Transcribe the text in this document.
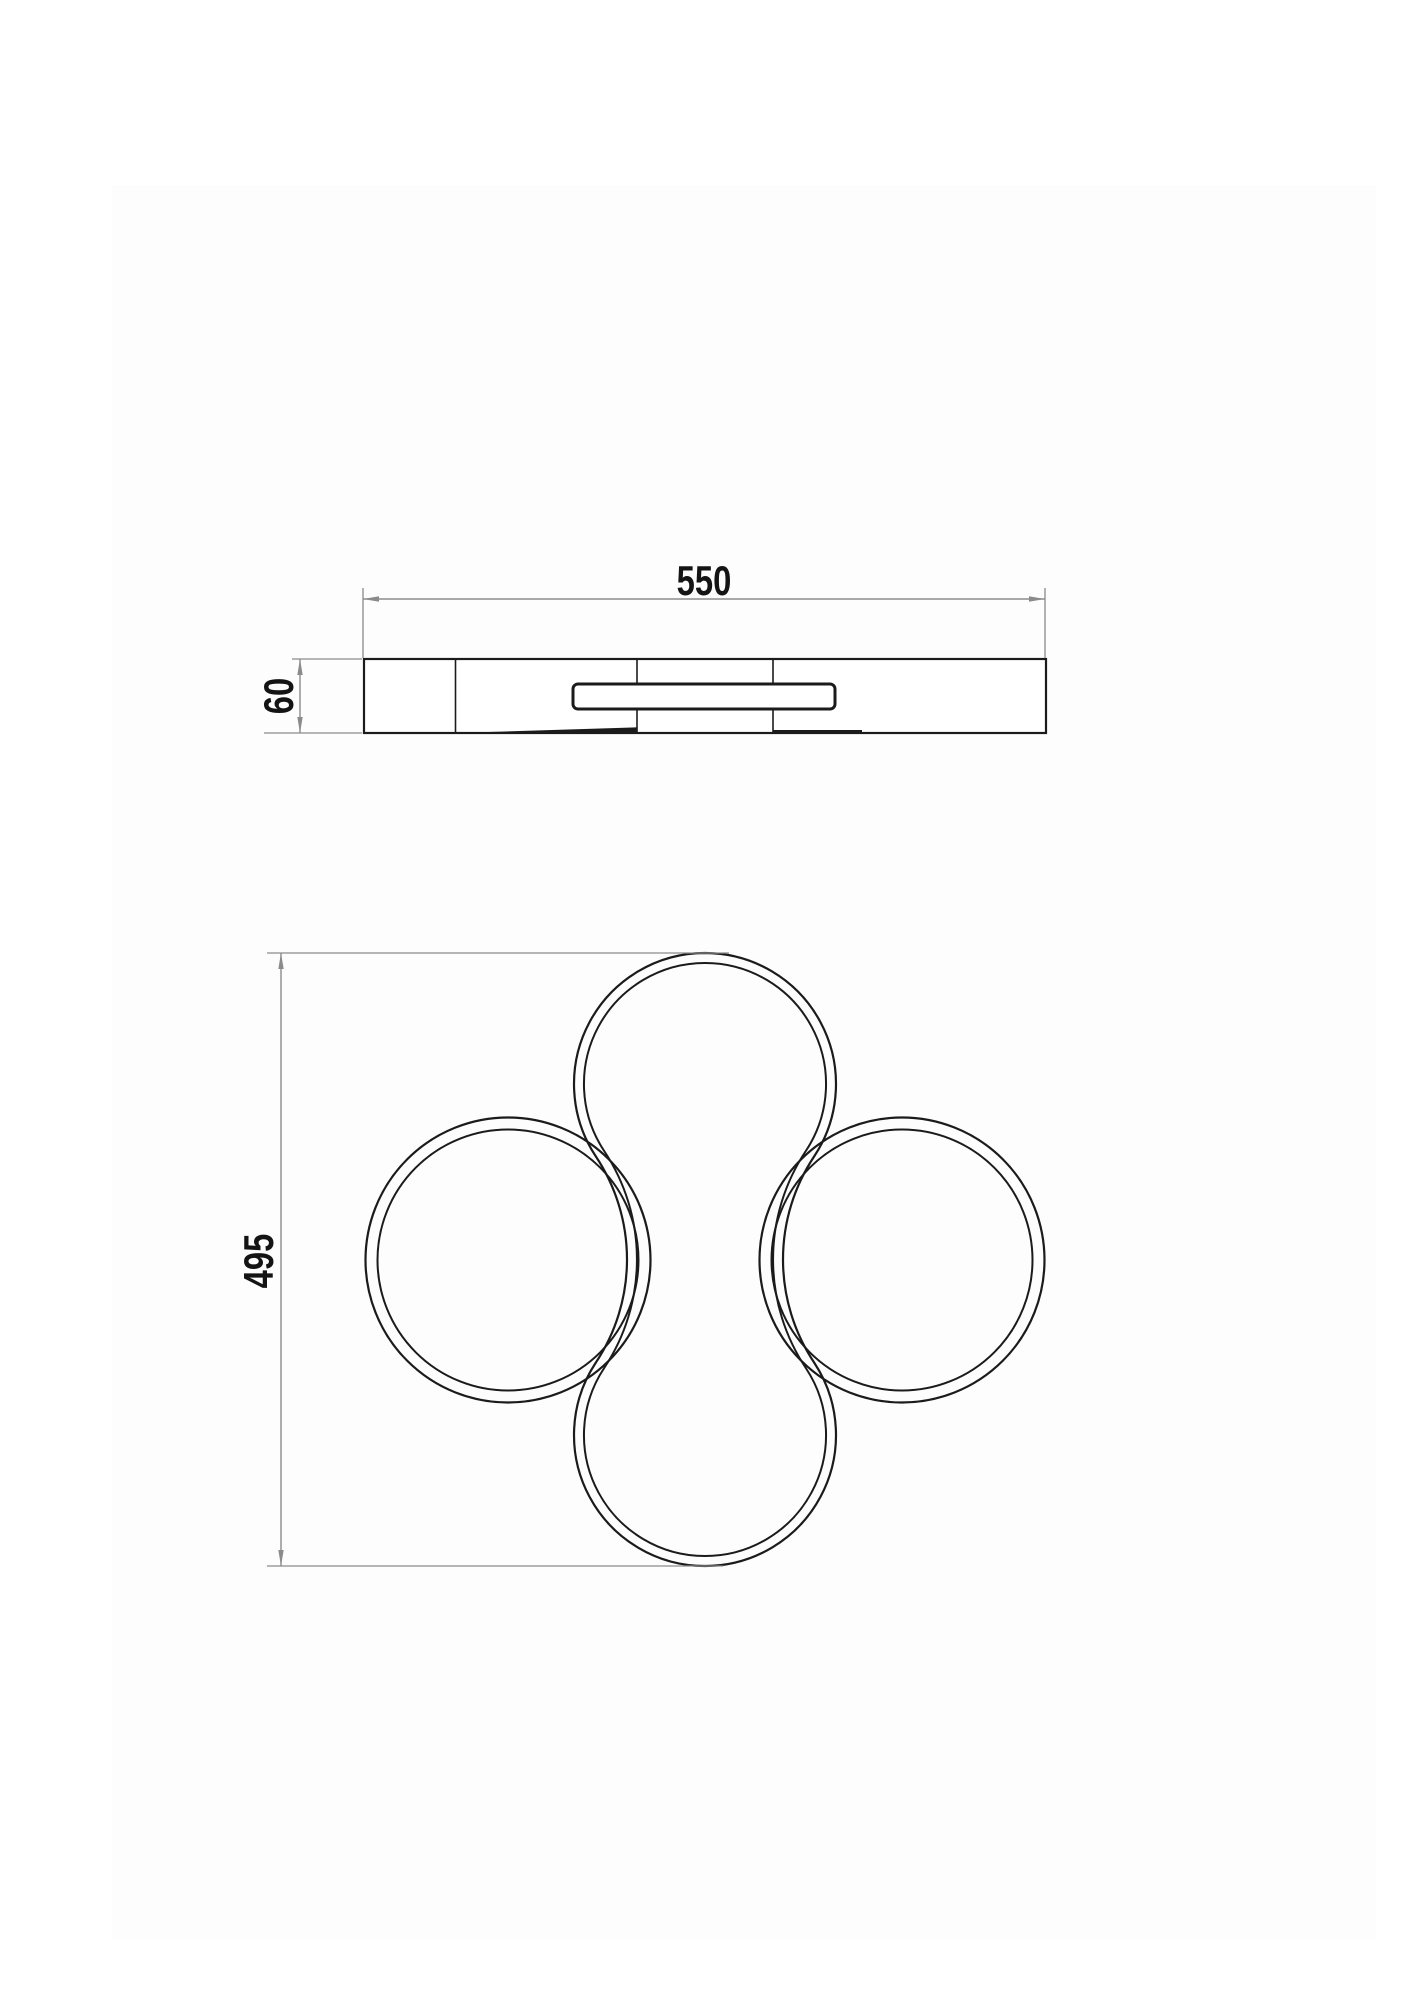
550
60
495
